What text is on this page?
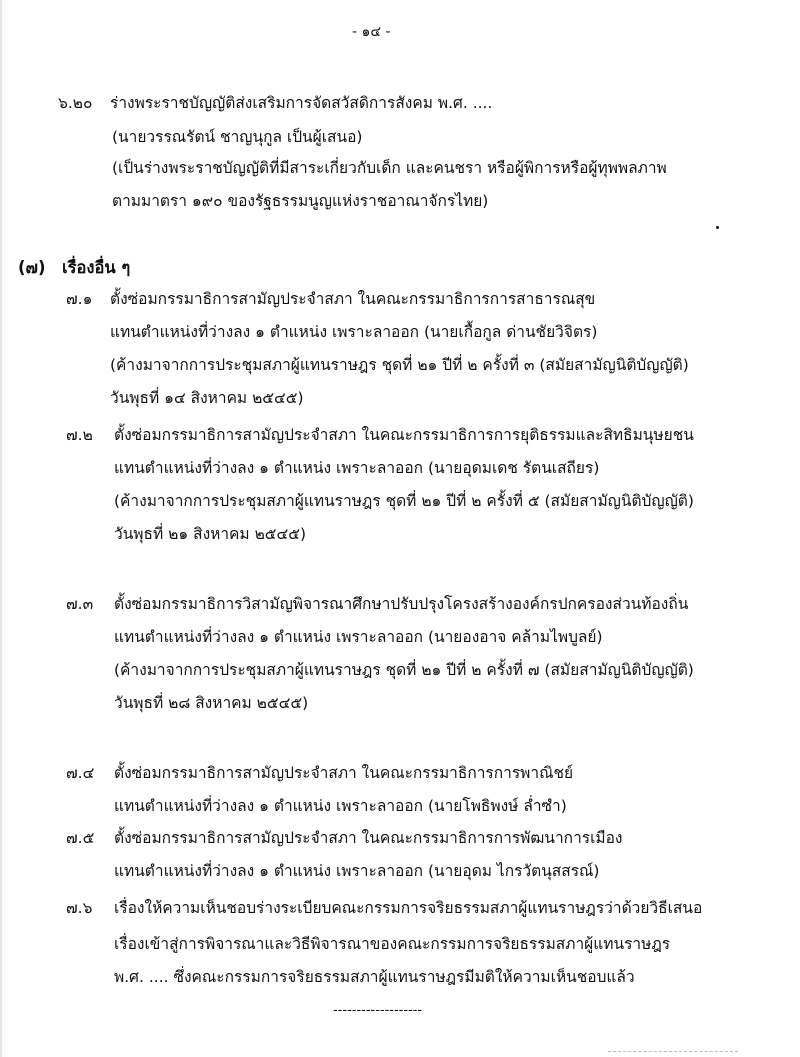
- ๑๔ -
๖.๒๐ ร่างพระราชบัญญัติส่งเสริมการจัดสวัสดิการสังคม พ.ศ. ....
(นายวรรณรัตน์ ชาญนุกูล เป็นผู้เสนอ)
(เป็นร่างพระราชบัญญัติที่มีสาระเกี่ยวกับเด็ก และคนชรา หรือผู้พิการหรือผู้ทุพพลภาพ
ตามมาตรา ๑๙๐ ของรัฐธรรมนูญแห่งราชอาณาจักรไทย)
(๗) เรื่องอื่น ๆ
๗.๑ ตั้งซ่อมกรรมาธิการสามัญประจำสภา ในคณะกรรมาธิการการสาธารณสุข
แทนตำแหน่งที่ว่างลง ๑ ตำแหน่ง เพราะลาออก (นายเกื้อกูล ด่านชัยวิจิตร)
(ค้างมาจากการประชุมสภาผู้แทนราษฎร ชุดที่ ๒๑ ปีที่ ๒ ครั้งที่ ๓ (สมัยสามัญนิติบัญญัติ)
วันพุธที่ ๑๔ สิงหาคม ๒๕๔๕)
๗.๒ ตั้งซ่อมกรรมาธิการสามัญประจำสภา ในคณะกรรมาธิการการยุติธรรมและสิทธิมนุษยชน
แทนตำแหน่งที่ว่างลง ๑ ตำแหน่ง เพราะลาออก (นายอุดมเดช รัตนเสถียร)
(ค้างมาจากการประชุมสภาผู้แทนราษฎร ชุดที่ ๒๑ ปีที่ ๒ ครั้งที่ ๕ (สมัยสามัญนิติบัญญัติ)
วันพุธที่ ๒๑ สิงหาคม ๒๕๔๕)
๗.๓ ตั้งซ่อมกรรมาธิการวิสามัญพิจารณาศึกษาปรับปรุงโครงสร้างองค์กรปกครองส่วนท้องถิ่น
แทนตำแหน่งที่ว่างลง ๑ ตำแหน่ง เพราะลาออก (นายองอาจ คล้ามไพบูลย์)
(ค้างมาจากการประชุมสภาผู้แทนราษฎร ชุดที่ ๒๑ ปีที่ ๒ ครั้งที่ ๗ (สมัยสามัญนิติบัญญัติ)
วันพุธที่ ๒๘ สิงหาคม ๒๕๔๕)
๗.๔ ตั้งซ่อมกรรมาธิการสามัญประจำสภา ในคณะกรรมาธิการการพาณิชย์
แทนตำแหน่งที่ว่างลง ๑ ตำแหน่ง เพราะลาออก (นายโพธิพงษ์ ล่ำซำ)
๗.๕ ตั้งซ่อมกรรมาธิการสามัญประจำสภา ในคณะกรรมาธิการการพัฒนาการเมือง
แทนตำแหน่งที่ว่างลง ๑ ตำแหน่ง เพราะลาออก (นายอุดม ไกรวัตนุสสรณ์)
๗.๖ เรื่องให้ความเห็นชอบร่างระเบียบคณะกรรมการจริยธรรมสภาผู้แทนราษฎรว่าด้วยวิธีเสนอ
เรื่องเข้าสู่การพิจารณาและวิธีพิจารณาของคณะกรรมการจริยธรรมสภาผู้แทนราษฎร
พ.ศ. .... ซึ่งคณะกรรมการจริยธรรมสภาผู้แทนราษฎรมีมติให้ความเห็นชอบแล้ว
-------------------
